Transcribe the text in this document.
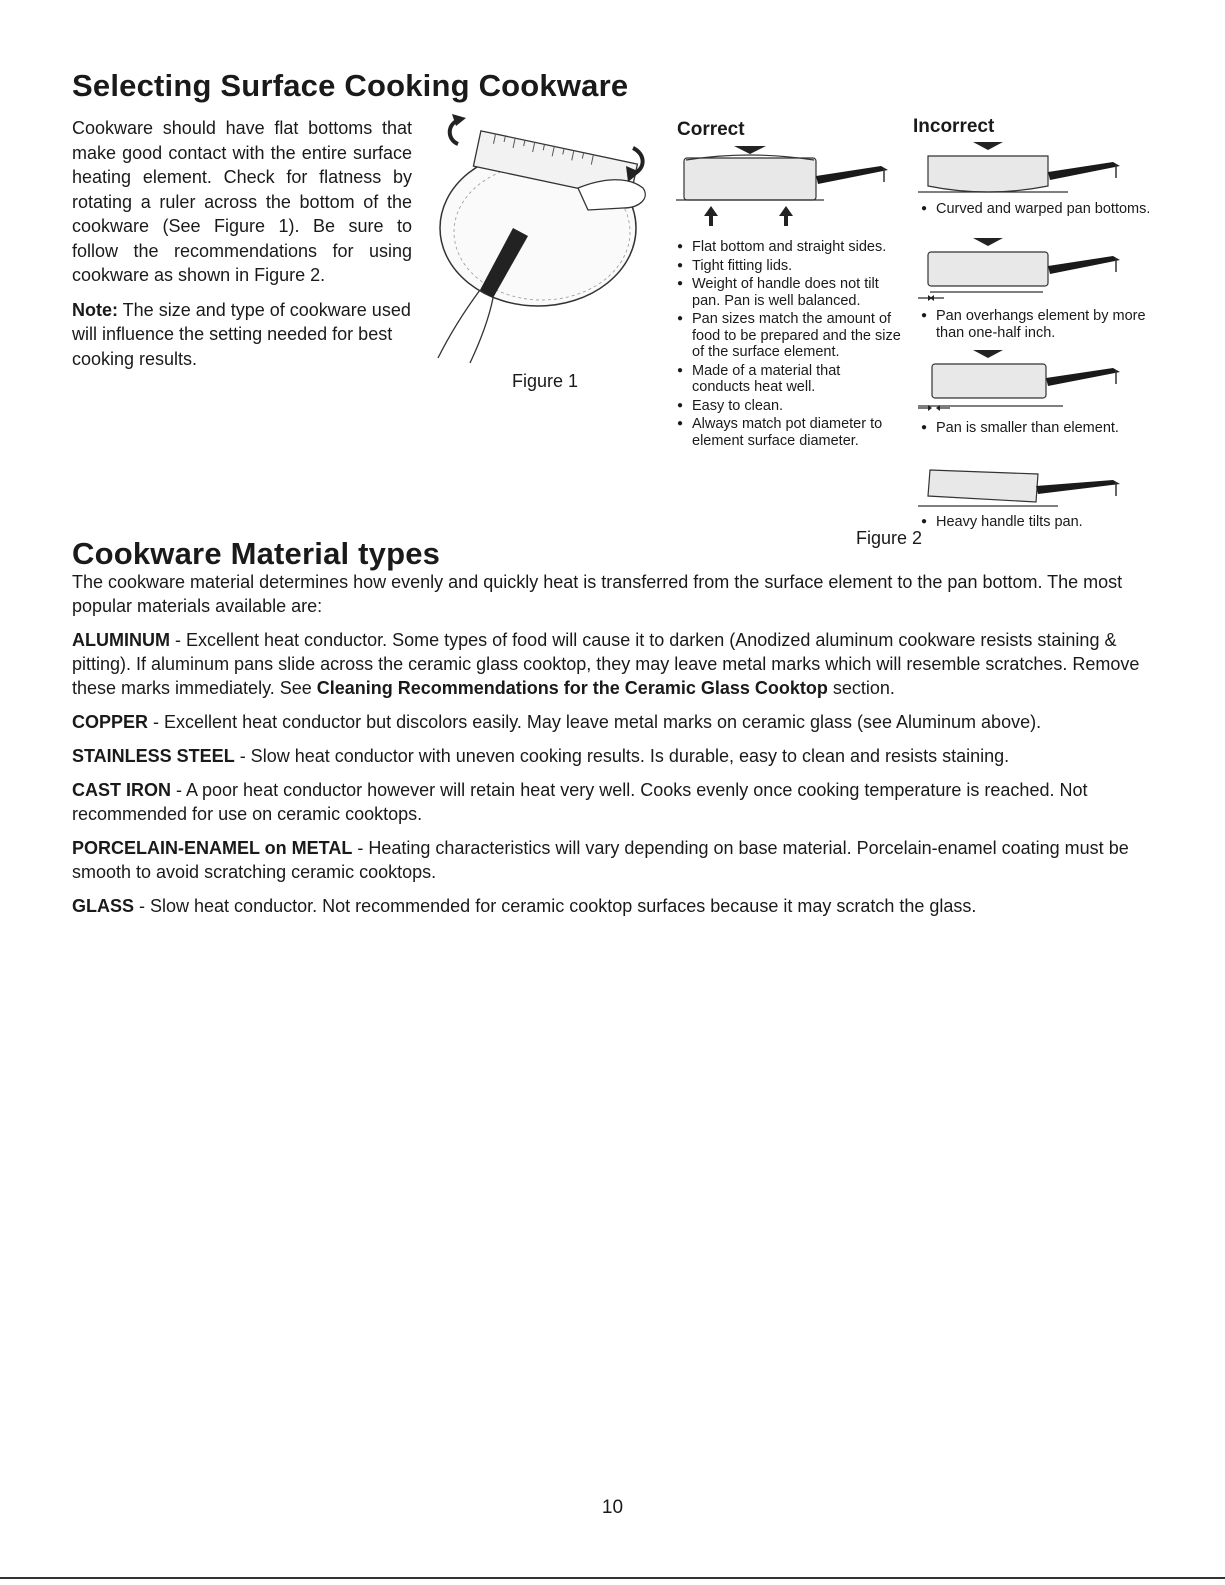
Selecting Surface Cooking Cookware

Cookware should have flat bottoms that make good contact with the entire surface heating element. Check for flatness by rotating a ruler across the bottom of the cookware (See Figure 1). Be sure to follow the recommendations for using cookware as shown in Figure 2.

Note: The size and type of cookware used will influence the setting needed for best cooking results.

Figure 1
Correct	Incorrect
● Flat bottom and straight sides.
● Tight fitting lids.
● Weight of handle does not tilt pan. Pan is well balanced.
● Pan sizes match the amount of food to be prepared and the size of the surface element.
● Made of a material that conducts heat well.
● Easy to clean.
● Always match pot diameter to element surface diameter.
● Curved and warped pan bottoms.
● Pan overhangs element by more than one-half inch.
● Pan is smaller than element.
● Heavy handle tilts pan.
Figure 2
Cookware Material types

The cookware material determines how evenly and quickly heat is transferred from the surface element to the pan bottom. The most popular materials available are:

ALUMINUM - Excellent heat conductor. Some types of food will cause it to darken (Anodized aluminum cookware resists staining & pitting). If aluminum pans slide across the ceramic glass cooktop, they may leave metal marks which will resemble scratches. Remove these marks immediately. See Cleaning Recommendations for the Ceramic Glass Cooktop section.

COPPER - Excellent heat conductor but discolors easily. May leave metal marks on ceramic glass (see Aluminum above).

STAINLESS STEEL - Slow heat conductor with uneven cooking results. Is durable, easy to clean and resists staining.

CAST IRON - A poor heat conductor however will retain heat very well. Cooks evenly once cooking temperature is reached. Not recommended for use on ceramic cooktops.

PORCELAIN-ENAMEL on METAL - Heating characteristics will vary depending on base material. Porcelain-enamel coating must be smooth to avoid scratching ceramic cooktops.

GLASS - Slow heat conductor. Not recommended for ceramic cooktop surfaces because it may scratch the glass.

10
